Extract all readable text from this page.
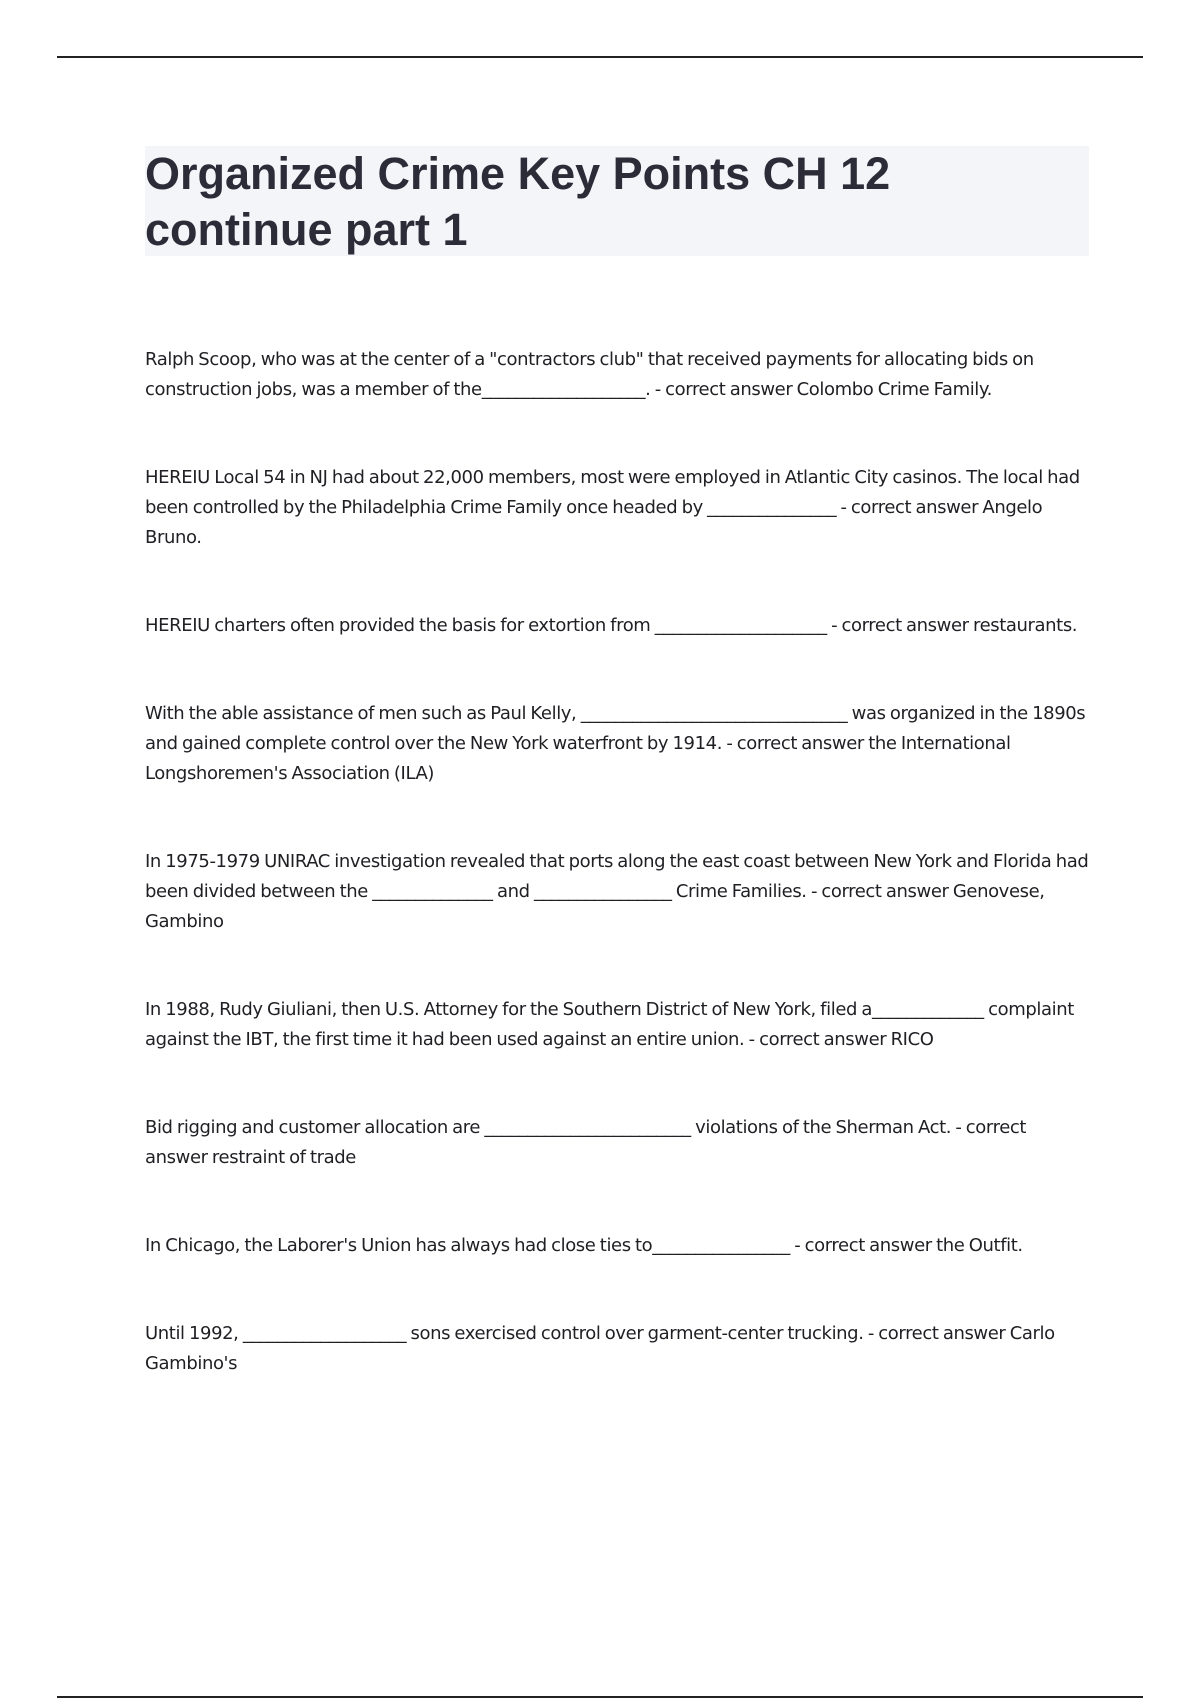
Organized Crime Key Points CH 12 continue part 1

Ralph Scoop, who was at the center of a "contractors club" that received payments for allocating bids on construction jobs, was a member of the___________________. - correct answer Colombo Crime Family.

HEREIU Local 54 in NJ had about 22,000 members, most were employed in Atlantic City casinos. The local had been controlled by the Philadelphia Crime Family once headed by _______________ - correct answer Angelo Bruno.

HEREIU charters often provided the basis for extortion from ____________________ - correct answer restaurants.

With the able assistance of men such as Paul Kelly, _______________________________ was organized in the 1890s and gained complete control over the New York waterfront by 1914. - correct answer the International Longshoremen's Association (ILA)

In 1975-1979 UNIRAC investigation revealed that ports along the east coast between New York and Florida had been divided between the ______________ and ________________ Crime Families. - correct answer Genovese, Gambino

In 1988, Rudy Giuliani, then U.S. Attorney for the Southern District of New York, filed a_____________ complaint against the IBT, the first time it had been used against an entire union. - correct answer RICO

Bid rigging and customer allocation are ________________________ violations of the Sherman Act. - correct answer restraint of trade

In Chicago, the Laborer's Union has always had close ties to________________ - correct answer the Outfit.

Until 1992, ___________________ sons exercised control over garment-center trucking. - correct answer Carlo Gambino's
